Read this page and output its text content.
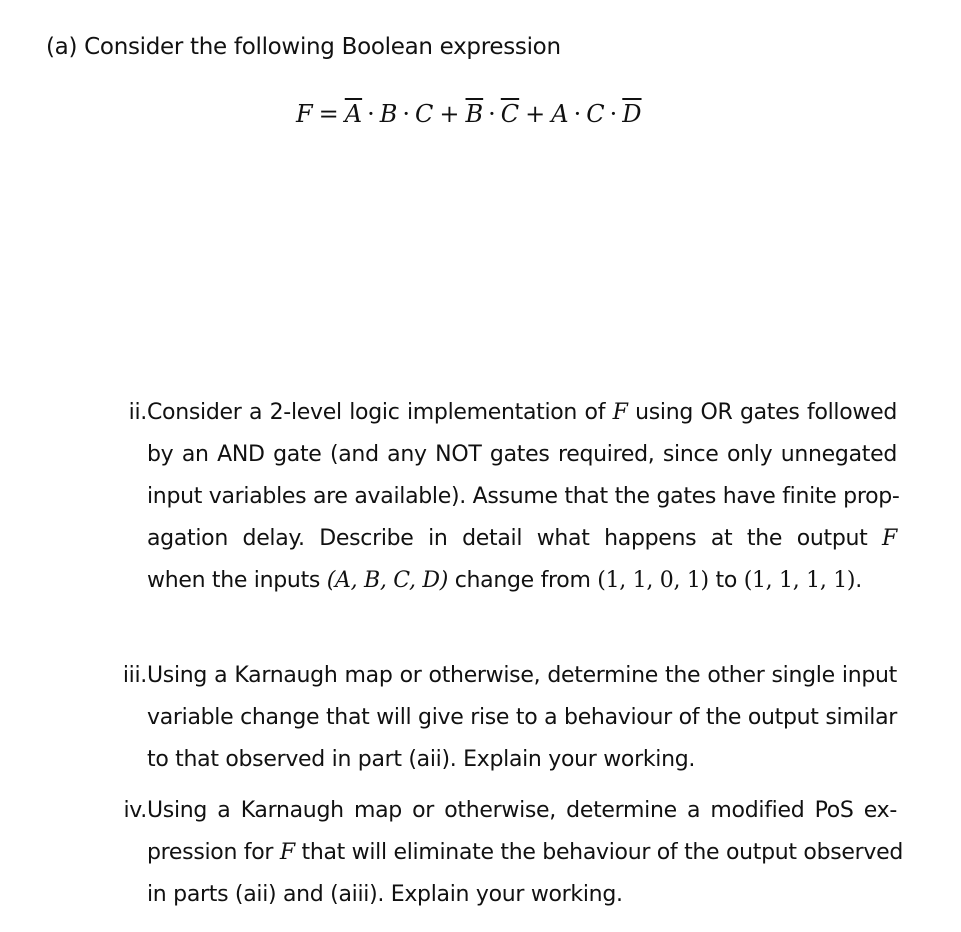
(a) Consider the following Boolean expression
$F = \overline{A} \cdot B \cdot C + \overline{B} \cdot \overline{C} + A \cdot C \cdot \overline{D}$
ii. Consider a 2-level logic implementation of F using OR gates followed
by an AND gate (and any NOT gates required, since only unnegated
input variables are available). Assume that the gates have finite prop-
agation delay. Describe in detail what happens at the output F
when the inputs (A, B, C, D) change from (1, 1, 0, 1) to (1, 1, 1, 1).
iii. Using a Karnaugh map or otherwise, determine the other single input
variable change that will give rise to a behaviour of the output similar
to that observed in part (aii). Explain your working.
iv. Using a Karnaugh map or otherwise, determine a modified PoS ex-
pression for F that will eliminate the behaviour of the output observed
in parts (aii) and (aiii). Explain your working.
